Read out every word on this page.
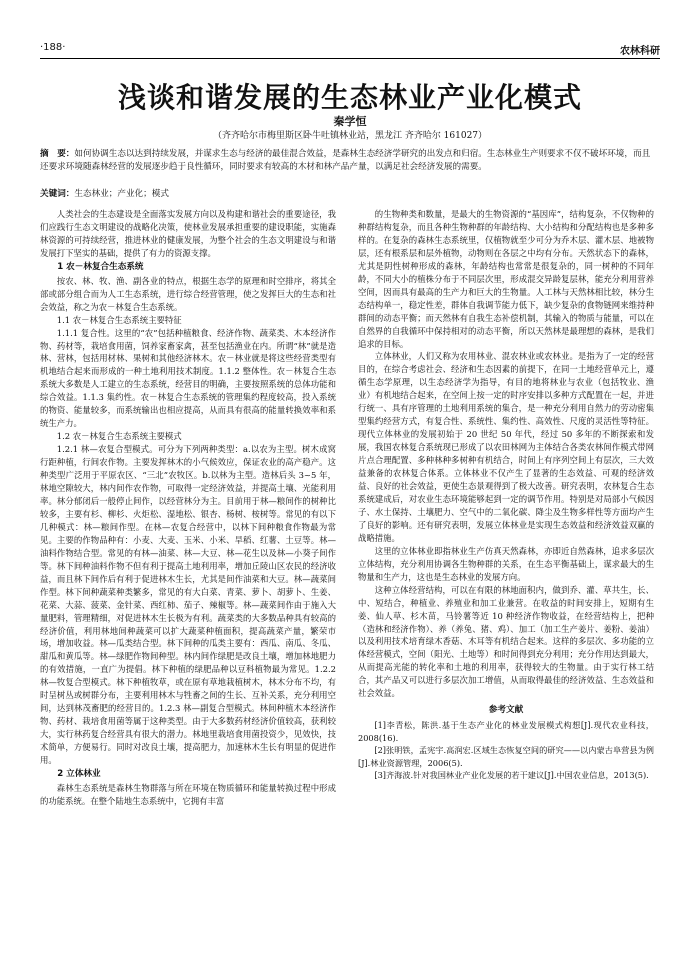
·188·	农林科研
浅谈和谐发展的生态林业产业化模式
秦学恒
（齐齐哈尔市梅里斯区卧牛吐镇林业站，黑龙江 齐齐哈尔 161027）
摘　要：如何协调生态以达到持续发展，并谋求生态与经济的最佳混合效益，是森林生态经济学研究的出发点和归宿。生态林业生产则要求不仅不破坏环境，而且还要求环境随森林经营的发展逐步趋于良性循环，同时要求有较高的木材和林产品产量，以满足社会经济发展的需要。
关键词：生态林业；产业化；模式

人类社会的生态建设是全面落实发展方向以及构建和谐社会的重要途径，我们应践行生态文明建设的战略化决策，使林业发展承担重要的建设职能，实施森林资源的可持续经营，推进林业的健康发展，为整个社会的生态文明建设与和谐发展打下坚实的基础，提供了有力的资源支撑。

1 农－林复合生态系统

按农、林、牧、渔、副各业的特点，根据生态学的原理和时空排序，将其全部或部分组合而为人工生态系统，进行综合经营管理，使之发挥巨大的生态和社会效益，称之为农－林复合生态系统。

1.1 农－林复合生态系统主要特征

1.1.1 复合性。这里的“农”包括种植粮食、经济作物、蔬菜类、木本经济作物、药材等，栽培食用菌，饲养家畜家禽，甚至包括渔业在内。所谓“林”就是造林、营林，包括用材林、果树和其他经济林木。农－林业就是将这些经营类型有机地结合起来而形成的一种土地利用技术制度。1.1.2 整体性。农－林复合生态系统大多数是人工建立的生态系统，经营目的明确，主要按照系统的总体功能和综合效益。1.1.3 集约性。农－林复合生态系统的管理集约程度较高，投入系统的物资、能量较多，而系统输出也相应提高，从而具有很高的能量转换效率和系统生产力。

1.2 农－林复合生态系统主要模式

1.2.1 林—农复合型模式。可分为下列两种类型：a.以农为主型。树木成窝行距种植，行间农作物。主要发挥林木的小气候效应，保证农业的高产稳产。这种类型广泛用于平原农区、“三北”农牧区。b.以林为主型。造林后头 3~5 年，林地空隙较大，林内间作农作物，可取得一定经济效益，并提高土壤、光能利用率。林分郁闭后一般停止间作，以经营林分为主。目前用于林—粮间作的树种比较多，主要有杉、柳杉、火炬松、湿地松、银杏、杨树、桉树等。常见的有以下几种模式：林—粮间作型。在林—农复合经营中，以林下间种粮食作物最为常见。主要的作物品种有：小麦、大麦、玉米、小米、旱稻、红薯、土豆等。林—油料作物结合型。常见的有林—油菜、林—大豆、林—花生以及林—小葵子间作等。林下间种油料作物不但有利于提高土地利用率，增加丘陵山区农民的经济收益，而且林下间作后有利于促进林木生长，尤其是间作油菜和大豆。林—蔬菜间作型。林下间种蔬菜种类繁多，常见的有大白菜、青菜、萝卜、胡萝卜、生姜、花菜、大蒜、菠菜、金针菜、西红柿、茄子、辣椒等。林—蔬菜间作由于施入大量肥料，管理精细，对促进林木生长极为有利。蔬菜类的大多数品种具有较高的经济价值，利用林地间种蔬菜可以扩大蔬菜种植面积，提高蔬菜产量，繁荣市场，增加收益。林—瓜类结合型。林下间种的瓜类主要有：西瓜、南瓜、冬瓜、甜瓜和黄瓜等。林—绿肥作物间种型。林内间作绿肥是改良土壤，增加林地肥力的有效措施，一直广为提倡。林下种植的绿肥品种以豆科植物最为常见。1.2.2 林—牧复合型模式。林下种植牧草，或在原有草地栽植树木，林木分布不均，有时呈树丛或树群分布，主要利用林木与牲畜之间的生长、互补关系，充分利用空间，达到林茂畜肥的经营目的。1.2.3 林—副复合型模式。林间种植木本经济作物、药材、栽培食用菌等属于这种类型。由于大多数药材经济价值较高，获利较大，实行林药复合经营具有很大的潜力。林地里栽培食用菌投资少，见效快，技术简单，方便易行。同时对改良土壤，提高肥力，加速林木生长有明显的促进作用。

2 立体林业

森林生态系统是森林生物群落与所在环境在物质循环和能量转换过程中形成的功能系统。在整个陆地生态系统中，它拥有丰富

的生物种类和数量，是最大的生物资源的“基因库”，结构复杂，不仅物种的种群结构复杂，而且各种生物种群的年龄结构、大小结构和分配结构也是多种多样的。在复杂的森林生态系统里，仅植物就至少可分为乔木层、灌木层、地被物层，还有根系层和层外植物，动物则在各层之中均有分布。天然状态下的森林，尤其是阴性树种形成的森林，年龄结构也常常是很复杂的，同一树种的不同年龄，不同大小的植株分布于不同层次里，形成混交异龄复层林，能充分利用营养空间，因而具有最高的生产力和巨大的生物量。人工林与天然林相比较，林分生态结构单一，稳定性差，群体自我调节能力低下，缺少复杂的食物链网来维持种群间的动态平衡；而天然林有自我生态补偿机制，其输入的物质与能量，可以在自然界的自我循环中保持相对的动态平衡，所以天然林是最理想的森林，是我们追求的目标。

立体林业，人们又称为农用林业、混农林业或农林业。是指为了一定的经营目的，在综合考虑社会、经济和生态因素的前提下，在同一土地经营单元上，遵循生态学原理，以生态经济学为指导，有目的地将林业与农业（包括牧业、渔业）有机地结合起来，在空间上按一定的时序安排以多种方式配置在一起，并进行统一、具有序管理的土地利用系统的集合，是一种充分利用自然力的劳动密集型集约经营方式，有复合性、系统性、集约性、高效性、尺度的灵活性等特征。现代立体林业的发展初始于 20 世纪 50 年代，经过 50 多年的不断探索和发展，我国农林复合系统现已形成了以农田林网为主体结合各类农林间作模式带网片点合理配置、多种林种多树种有机结合，时间上有序列空间上有层次，三大效益兼备的农林复合体系。立体林业不仅产生了显著的生态效益、可观的经济效益、良好的社会效益，更使生态景观得到了极大改善。研究表明，农林复合生态系统建成后，对农业生态环境能够起到一定的调节作用。特别是对局部小气候因子、水土保持、土壤肥力、空气中的二氧化碳、降尘及生物多样性等方面均产生了良好的影响。还有研究表明，发展立体林业是实现生态效益和经济效益双赢的战略措施。

这里的立体林业即指林业生产仿真天然森林，亦即近自然森林，追求多层次立体结构，充分利用协调各生物种群的关系，在生态平衡基础上，谋求最大的生物量和生产力，这也是生态林业的发展方向。

这种立体经营结构，可以在有限的林地面积内，做到乔、灌、草共生，长、中、短结合，种植业、养殖业和加工业兼营。在收益的时间安排上，短期有生姜、仙人草、杉木苗，马铃薯等近 10 种经济作物收益，在经营结构上，把种（造林和经济作物）、养（养兔、猪、鸡）、加工（加工生产姜片、姜粉、姜油）以及利用技术培育绿木香菇、木耳等有机结合起来。这样的多层次、多功能的立体经营模式，空间（阳光、土地等）和时间得到充分利用；充分作用达到最大，从而提高光能的转化率和土地的利用率，获得较大的生物量。由于实行林工结合，其产品又可以进行多层次加工增值，从而取得最佳的经济效益、生态效益和社会效益。

参考文献

[1]李青松，陈洪.基于生态产业化的林业发展模式构想[J].现代农业科技，2008(16).

[2]张明铁，孟宪宇.高润宏.区域生态恢复空间的研究——以内蒙古阜营县为例[J].林业资源管理，2006(5).

[3]齐海波.针对我国林业产业化发展的若干建议[J].中国农业信息，2013(5).
